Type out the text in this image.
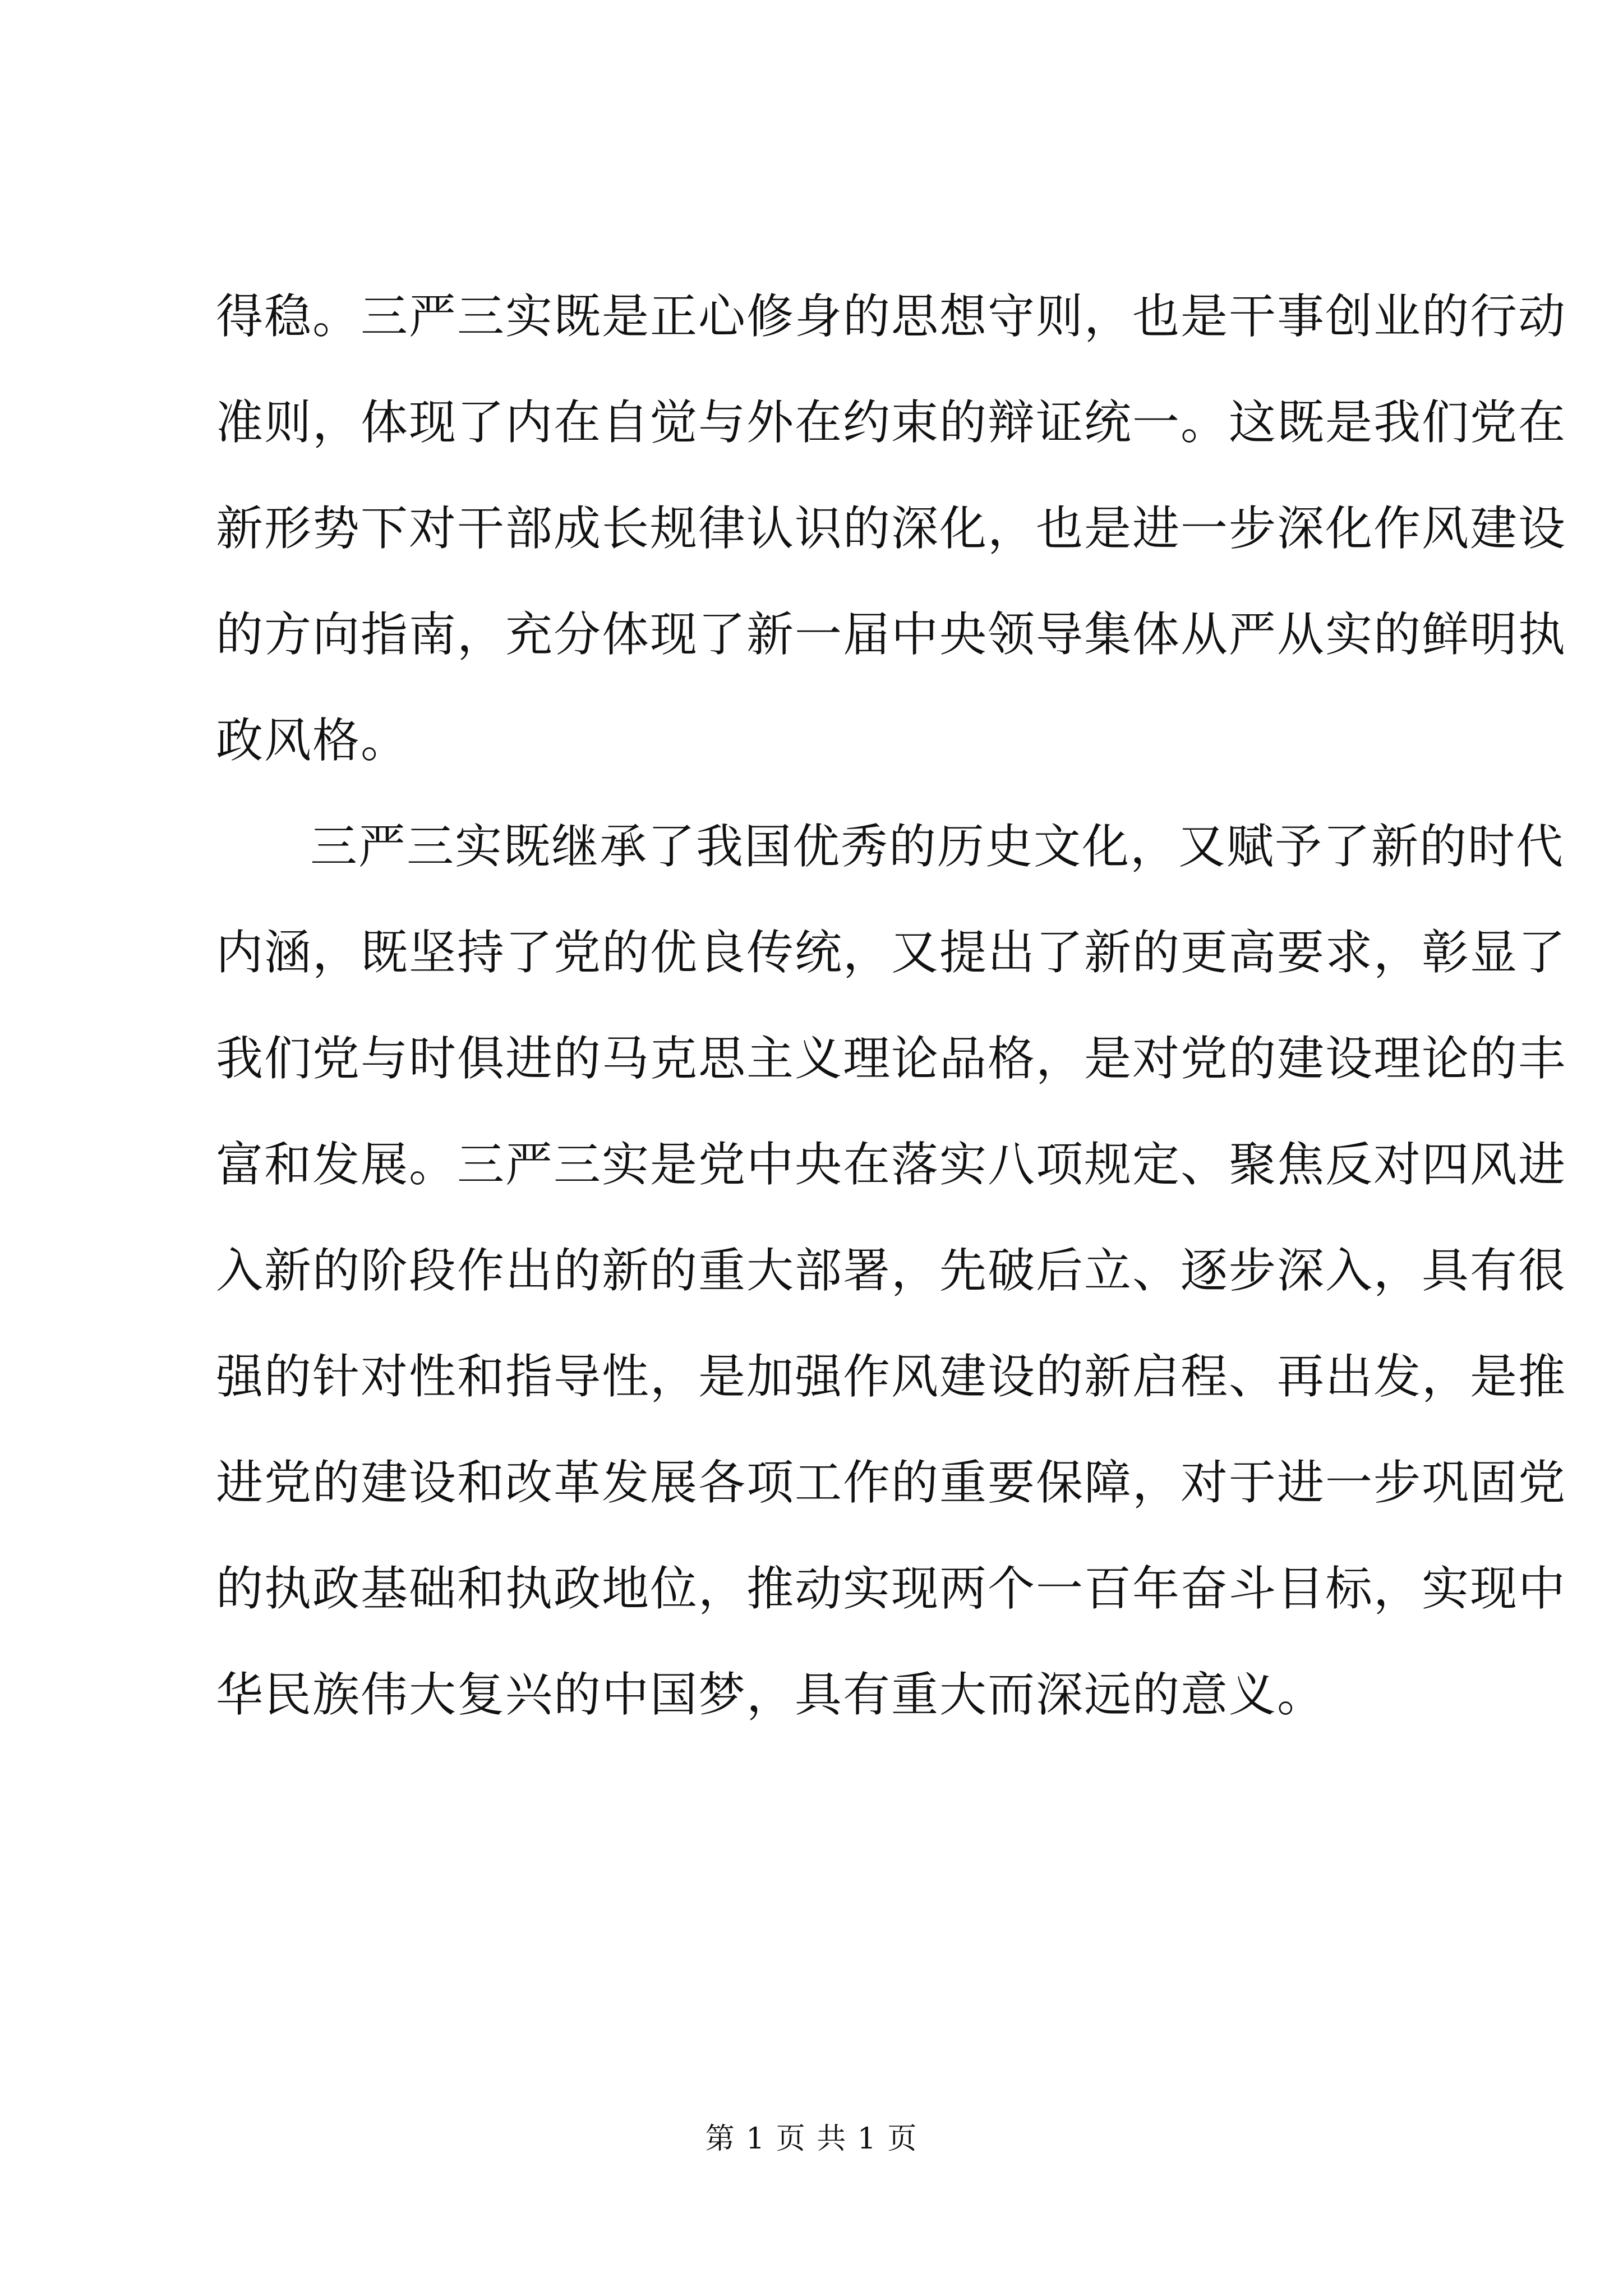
得稳。三严三实既是正心修身的思想守则，也是干事创业的行动
准则，体现了内在自觉与外在约束的辩证统一。这既是我们党在
新形势下对干部成长规律认识的深化，也是进一步深化作风建设
的方向指南，充分体现了新一届中央领导集体从严从实的鲜明执
政风格。
三严三实既继承了我国优秀的历史文化，又赋予了新的时代
内涵，既坚持了党的优良传统，又提出了新的更高要求，彰显了
我们党与时俱进的马克思主义理论品格，是对党的建设理论的丰
富和发展。三严三实是党中央在落实八项规定、聚焦反对四风进
入新的阶段作出的新的重大部署，先破后立、逐步深入，具有很
强的针对性和指导性，是加强作风建设的新启程、再出发，是推
进党的建设和改革发展各项工作的重要保障，对于进一步巩固党
的执政基础和执政地位，推动实现两个一百年奋斗目标，实现中
华民族伟大复兴的中国梦，具有重大而深远的意义。
第 1 页 共 1 页
